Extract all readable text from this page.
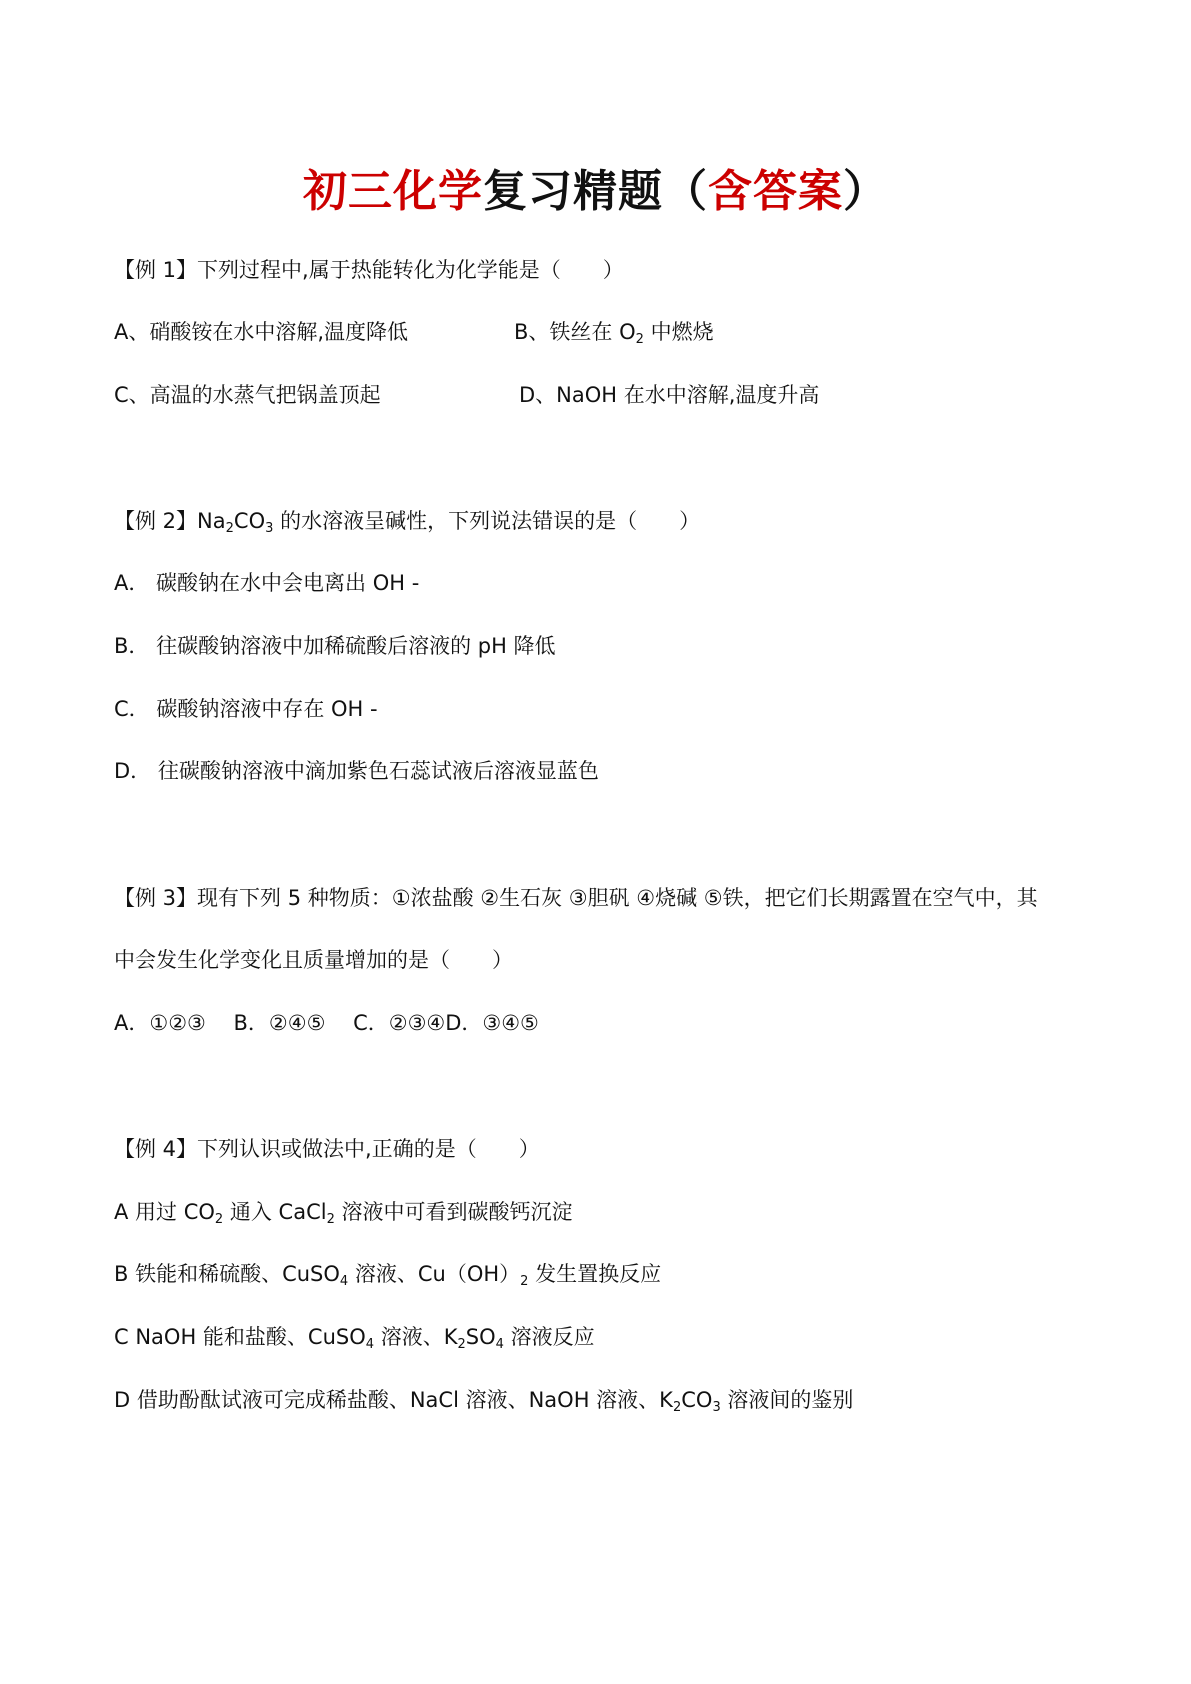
初三化学复习精题（含答案）
【例 1】下列过程中,属于热能转化为化学能是（　　）
A、硝酸铵在水中溶解,温度降低	B、铁丝在 $O_2$ 中燃烧
C、高温的水蒸气把锅盖顶起	D、NaOH 在水中溶解,温度升高
【例 2】$Na_2CO_3$ 的水溶液呈碱性，下列说法错误的是（　　）
A． 碳酸钠在水中会电离出 OH -
B． 往碳酸钠溶液中加稀硫酸后溶液的 pH 降低
C． 碳酸钠溶液中存在 OH -
D． 往碳酸钠溶液中滴加紫色石蕊试液后溶液显蓝色
【例 3】现有下列 5 种物质：①浓盐酸 ②生石灰 ③胆矾 ④烧碱 ⑤铁，把它们长期露置在空气中，其
中会发生化学变化且质量增加的是（　　）
A．①②③　 B．②④⑤　 C．②③④D．③④⑤
【例 4】下列认识或做法中,正确的是（　　）
A 用过 $CO_2$ 通入 CaCl$_2$ 溶液中可看到碳酸钙沉淀
B 铁能和稀硫酸、CuSO$_4$ 溶液、$Cu(OH)_2$ 发生置换反应
C NaOH 能和盐酸、CuSO$_4$ 溶液、$K_2SO_4$ 溶液反应
D 借助酚酞试液可完成稀盐酸、NaCl 溶液、NaOH 溶液、$K_2CO_3$ 溶液间的鉴别
